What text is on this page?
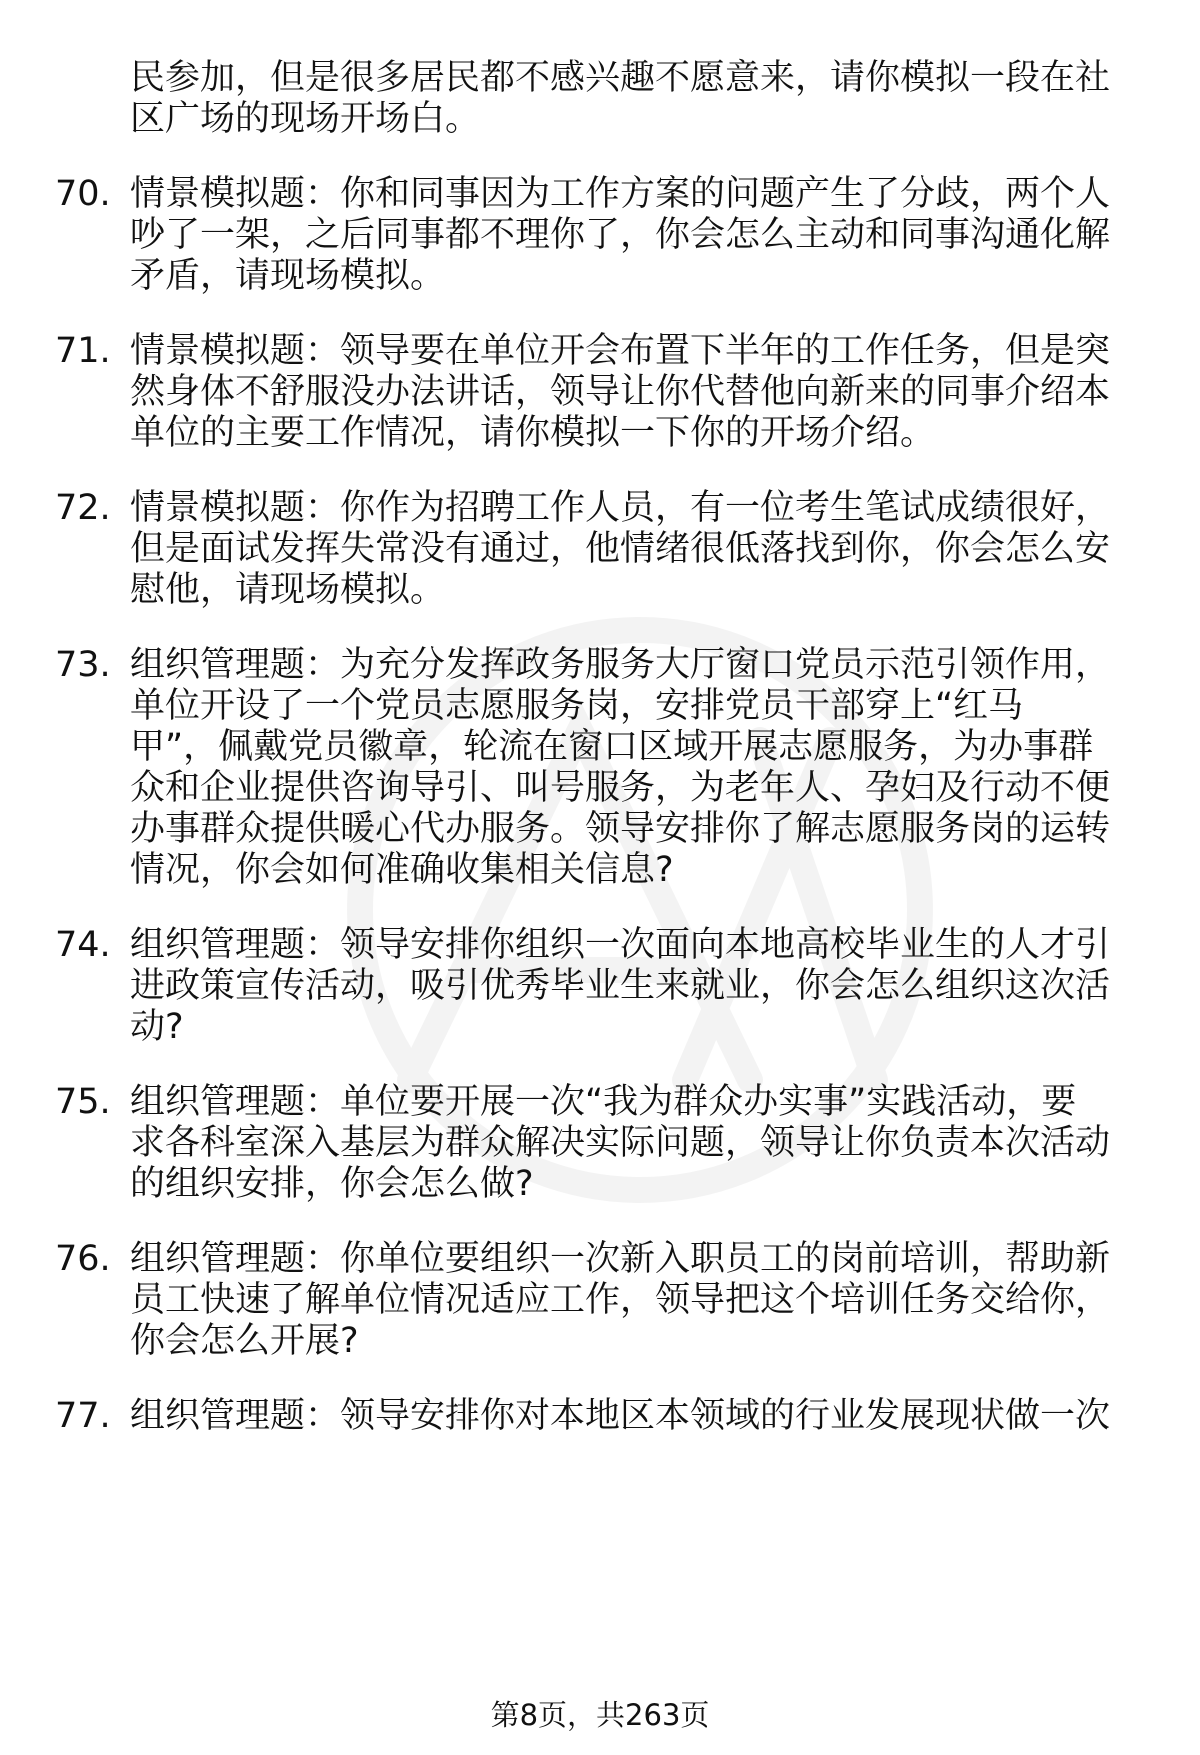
民参加，但是很多居民都不感兴趣不愿意来，请你模拟一段在社
区广场的现场开场白。
70. 情景模拟题：你和同事因为工作方案的问题产生了分歧，两个人
吵了一架，之后同事都不理你了，你会怎么主动和同事沟通化解
矛盾，请现场模拟。
71. 情景模拟题：领导要在单位开会布置下半年的工作任务，但是突
然身体不舒服没办法讲话，领导让你代替他向新来的同事介绍本
单位的主要工作情况，请你模拟一下你的开场介绍。
72. 情景模拟题：你作为招聘工作人员，有一位考生笔试成绩很好，
但是面试发挥失常没有通过，他情绪很低落找到你，你会怎么安
慰他，请现场模拟。
73. 组织管理题：为充分发挥政务服务大厅窗口党员示范引领作用，
单位开设了一个党员志愿服务岗，安排党员干部穿上“红马
甲”，佩戴党员徽章，轮流在窗口区域开展志愿服务，为办事群
众和企业提供咨询导引、叫号服务，为老年人、孕妇及行动不便
办事群众提供暖心代办服务。领导安排你了解志愿服务岗的运转
情况，你会如何准确收集相关信息?
74. 组织管理题：领导安排你组织一次面向本地高校毕业生的人才引
进政策宣传活动，吸引优秀毕业生来就业，你会怎么组织这次活
动?
75. 组织管理题：单位要开展一次“我为群众办实事”实践活动，要
求各科室深入基层为群众解决实际问题，领导让你负责本次活动
的组织安排，你会怎么做?
76. 组织管理题：你单位要组织一次新入职员工的岗前培训，帮助新
员工快速了解单位情况适应工作，领导把这个培训任务交给你，
你会怎么开展?
77. 组织管理题：领导安排你对本地区本领域的行业发展现状做一次
第8页，共263页
